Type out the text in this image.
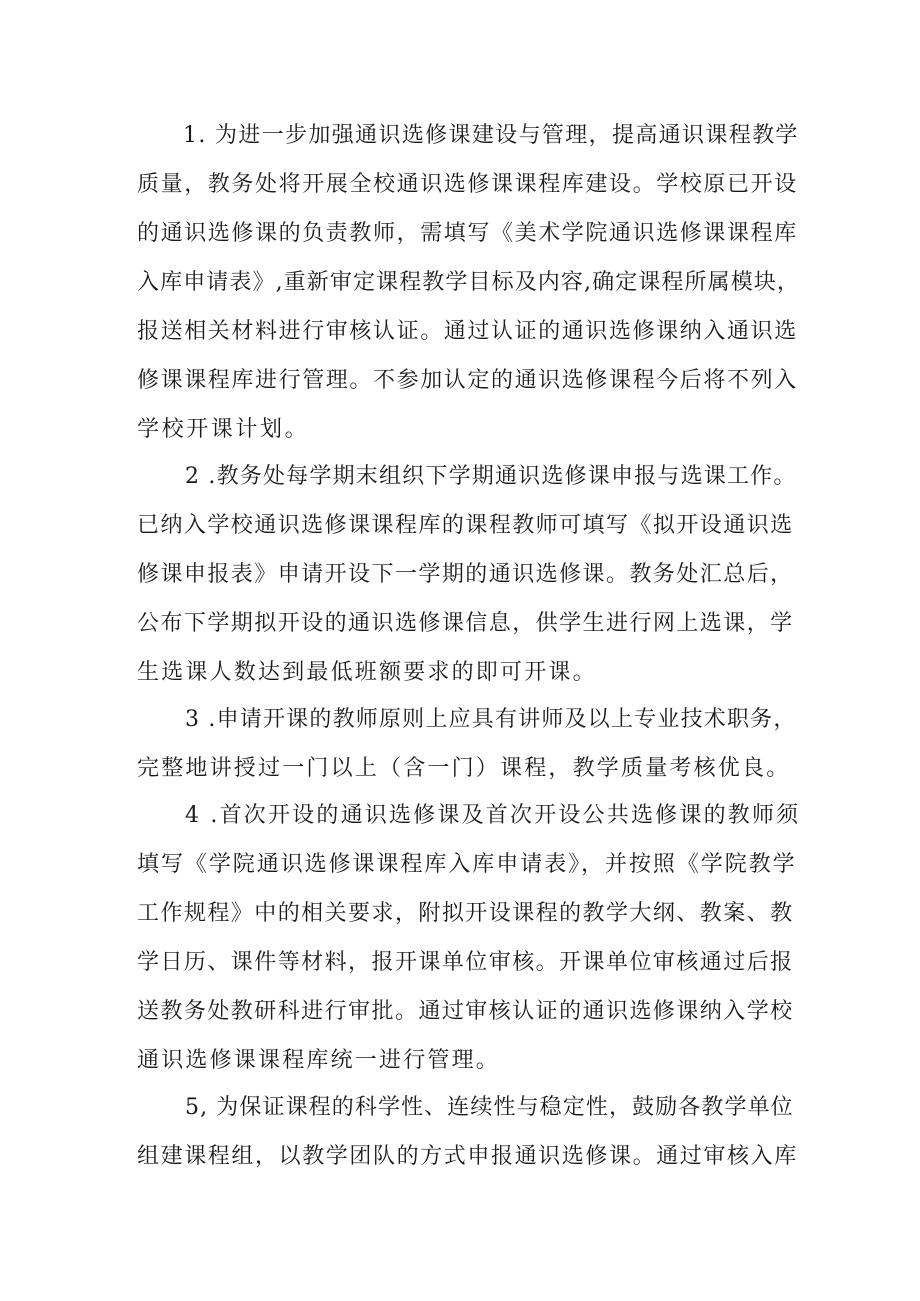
1. 为进一步加强通识选修课建设与管理，提高通识课程教学
质量，教务处将开展全校通识选修课课程库建设。学校原已开设
的通识选修课的负责教师，需填写《美术学院通识选修课课程库
入库申请表》,重新审定课程教学目标及内容,确定课程所属模块，
报送相关材料进行审核认证。通过认证的通识选修课纳入通识选
修课课程库进行管理。不参加认定的通识选修课程今后将不列入
学校开课计划。
2 .教务处每学期末组织下学期通识选修课申报与选课工作。
已纳入学校通识选修课课程库的课程教师可填写《拟开设通识选
修课申报表》申请开设下一学期的通识选修课。教务处汇总后，
公布下学期拟开设的通识选修课信息，供学生进行网上选课，学
生选课人数达到最低班额要求的即可开课。
3 .申请开课的教师原则上应具有讲师及以上专业技术职务，
完整地讲授过一门以上（含一门）课程，教学质量考核优良。
4 .首次开设的通识选修课及首次开设公共选修课的教师须
填写《学院通识选修课课程库入库申请表》，并按照《学院教学
工作规程》中的相关要求，附拟开设课程的教学大纲、教案、教
学日历、课件等材料，报开课单位审核。开课单位审核通过后报
送教务处教研科进行审批。通过审核认证的通识选修课纳入学校
通识选修课课程库统一进行管理。
5, 为保证课程的科学性、连续性与稳定性，鼓励各教学单位
组建课程组，以教学团队的方式申报通识选修课。通过审核入库
